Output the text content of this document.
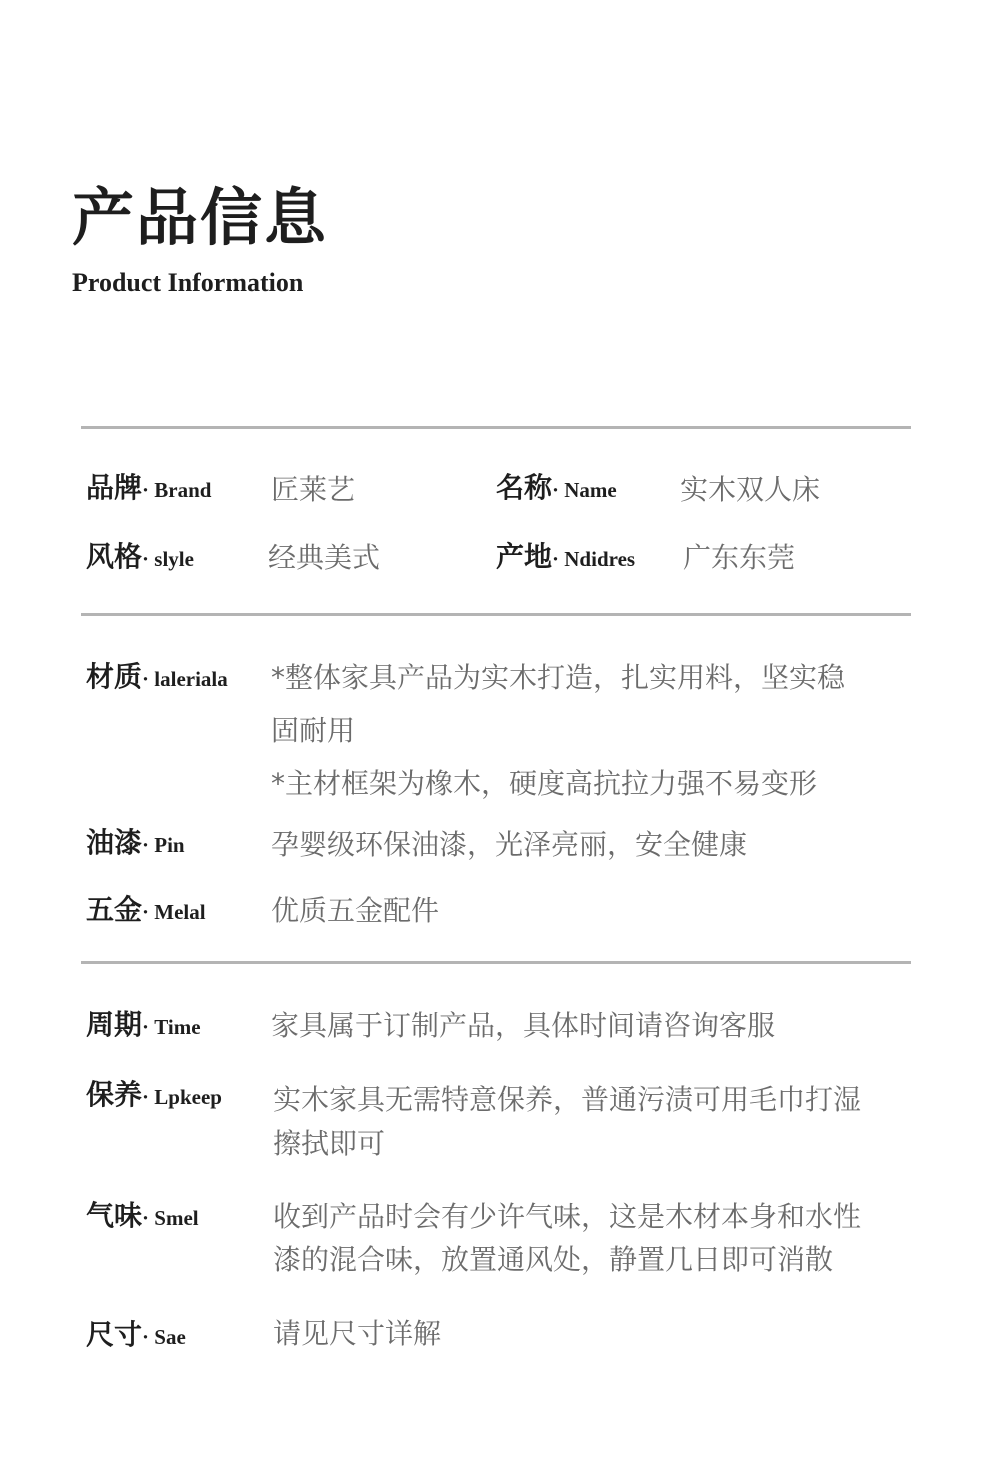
产品信息
Product Information
品牌· Brand 匠莱艺	名称· Name 实木双人床
风格· slyle	经典美式	产地· Ndidres 广东东莞
材质· laleriala *整体家具产品为实木打造，扎实用料，坚实稳
固耐用
*主材框架为橡木，硬度高抗拉力强不易变形
油漆· Pin	孕婴级环保油漆，光泽亮丽，安全健康
五金· Melal 优质五金配件
周期· Time	家具属于订制产品，具体时间请咨询客服
保养· Lpkeep 实木家具无需特意保养，普通污渍可用毛巾打湿
擦拭即可
气味· Smel	收到产品时会有少许气味，这是木材本身和水性
漆的混合味，放置通风处，静置几日即可消散
尺寸· Sae	请见尺寸详解
